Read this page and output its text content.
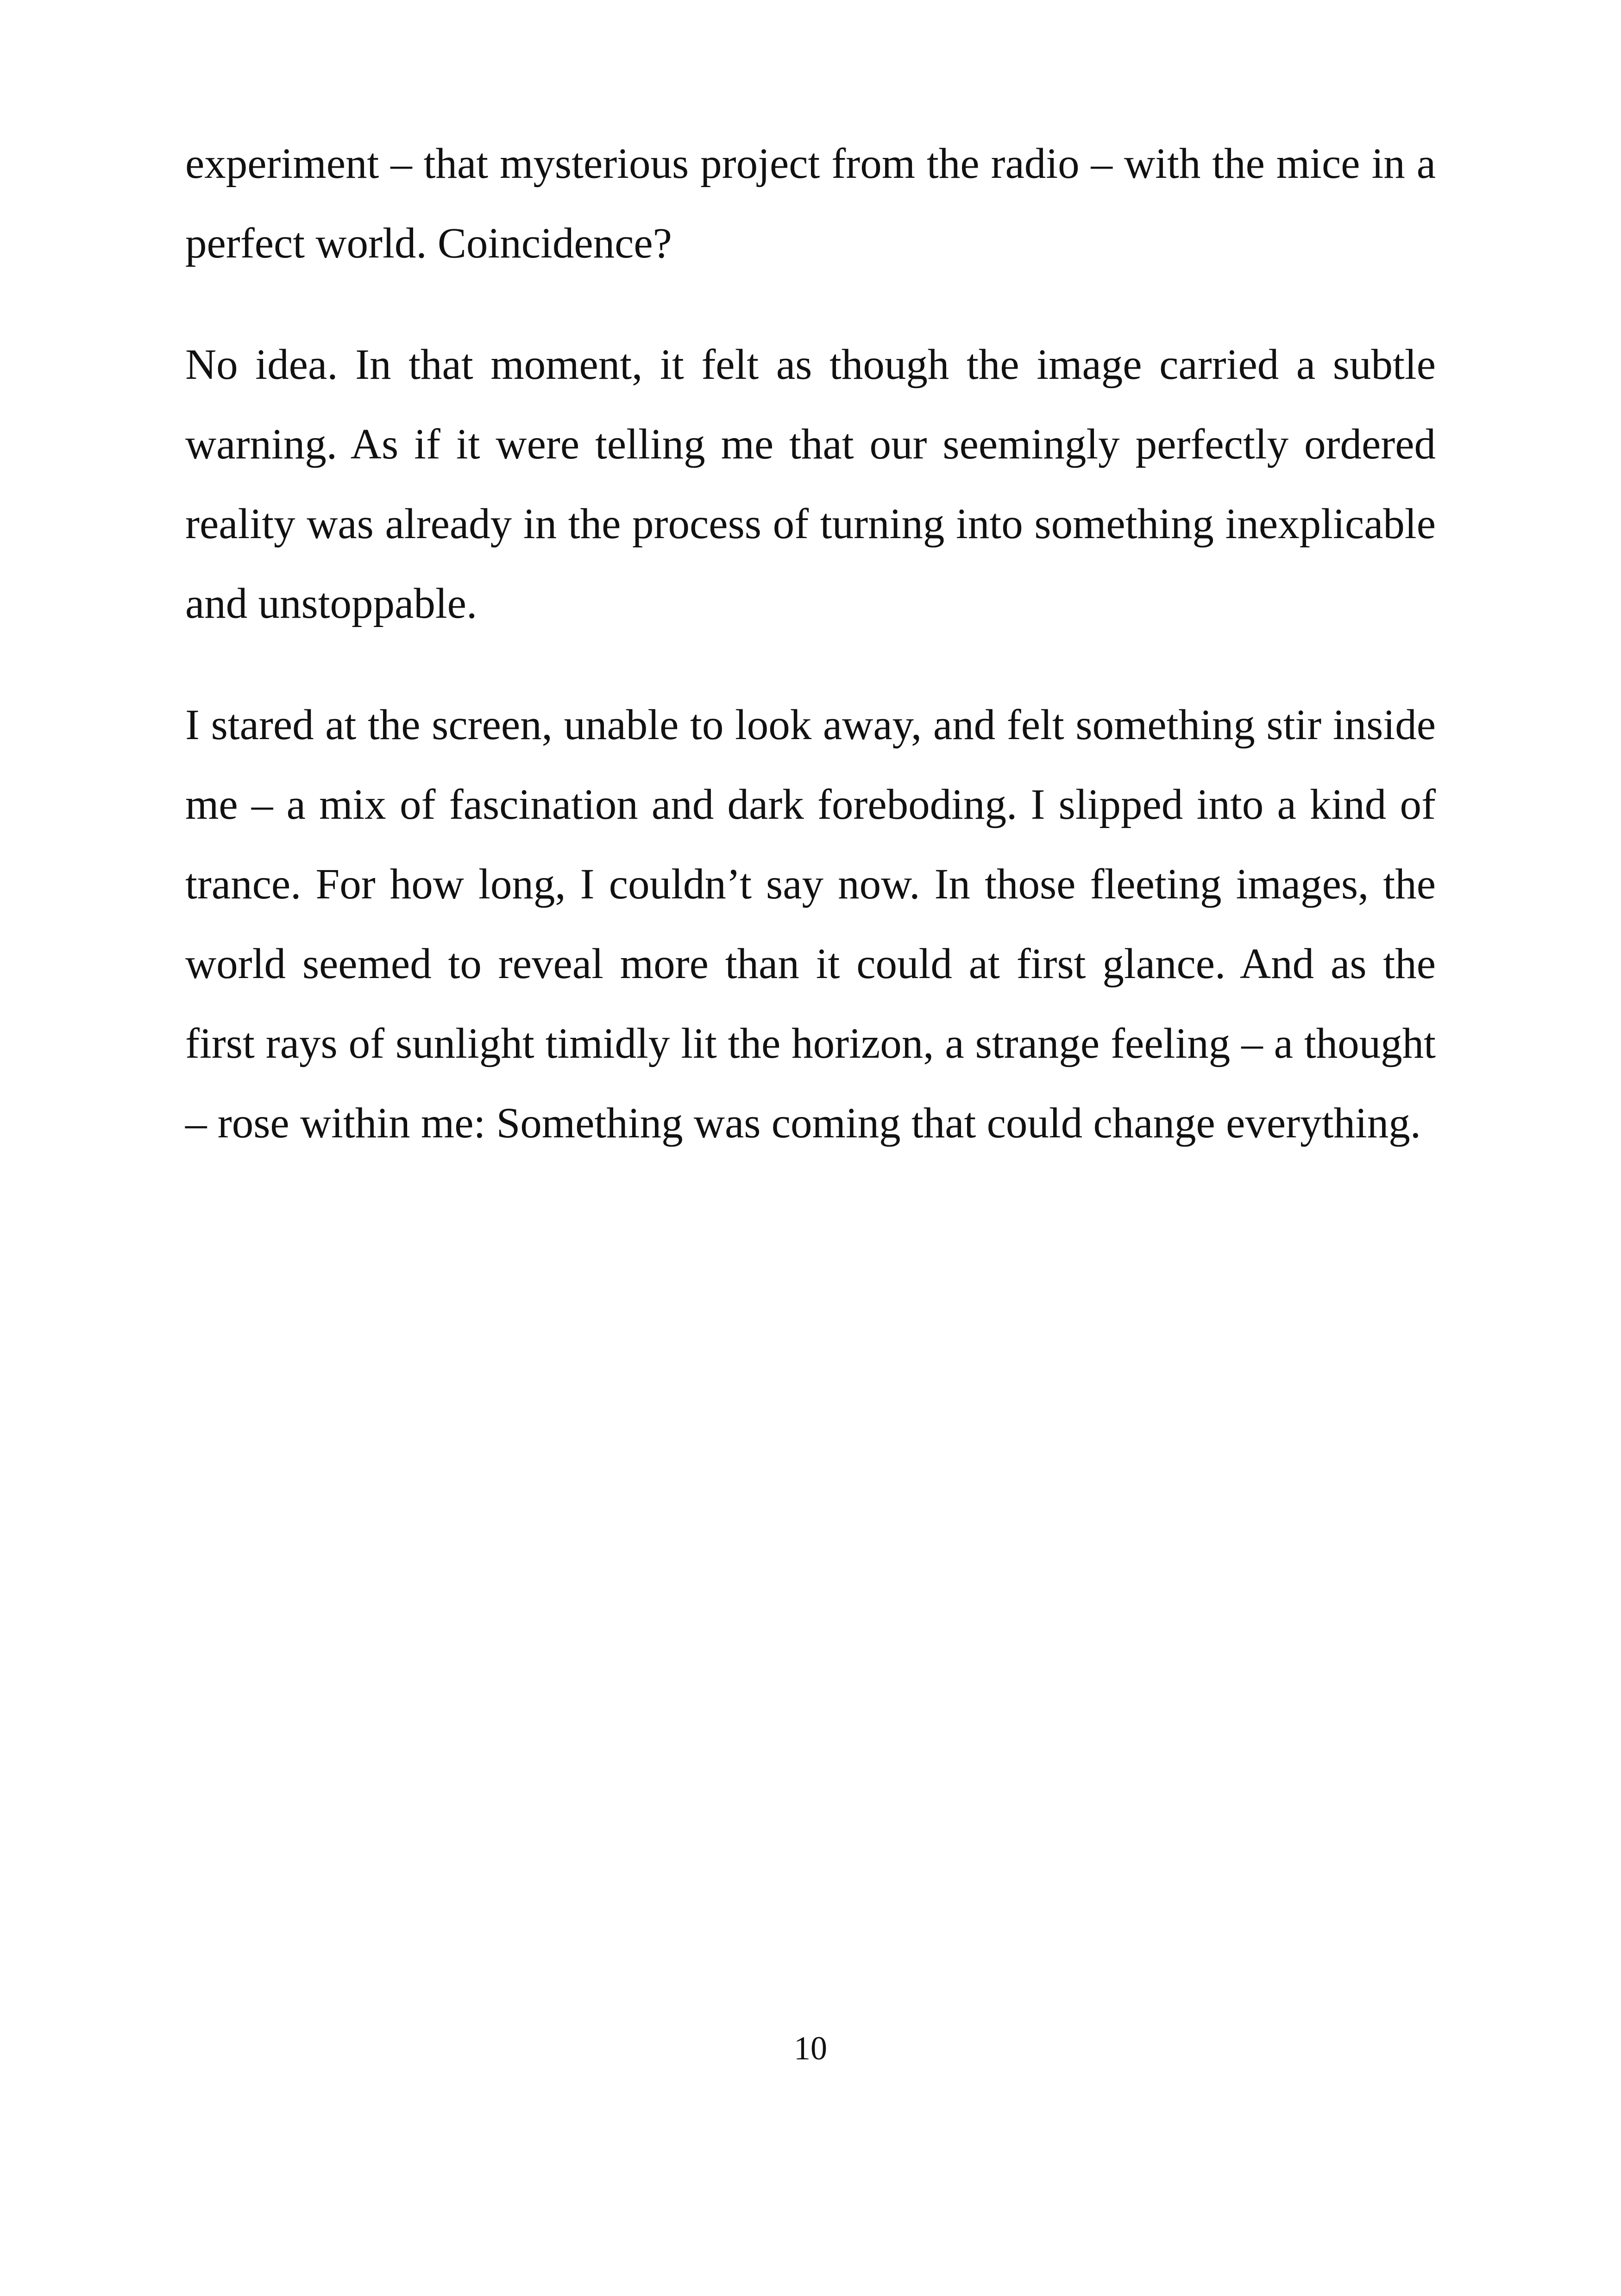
experiment – that mysterious project from the radio – with the mice in a perfect world. Coincidence?

No idea. In that moment, it felt as though the image carried a subtle warning. As if it were telling me that our seemingly perfectly ordered reality was already in the process of turning into something inexplicable and unstoppable.

I stared at the screen, unable to look away, and felt something stir inside me – a mix of fascination and dark foreboding. I slipped into a kind of trance. For how long, I couldn’t say now. In those fleeting images, the world seemed to reveal more than it could at first glance. And as the first rays of sunlight timidly lit the horizon, a strange feeling – a thought – rose within me: Something was coming that could change everything.

10
